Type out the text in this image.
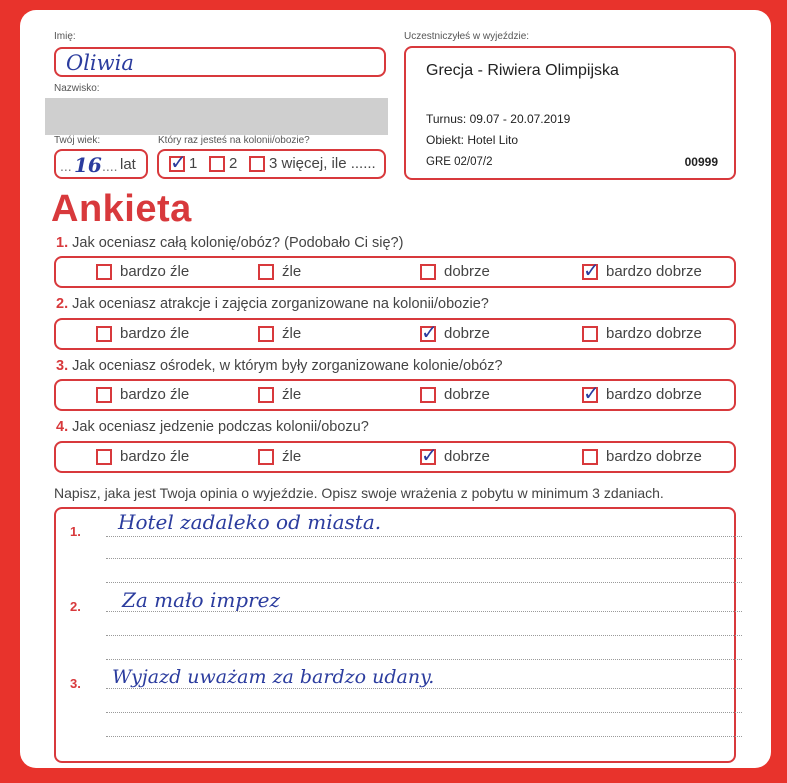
Imię:
Oliwia
Nazwisko:
Twój wiek:
... 16 .... lat
Który raz jesteś na kolonii/obozie?
✓ 1 2 3 więcej, ile ......
Uczestniczyłeś w wyjeździe:
Grecja - Riwiera Olimpijska
Turnus: 09.07 - 20.07.2019
Obiekt: Hotel Lito
GRE 02/07/2	00999
Ankieta
1. Jak oceniasz całą kolonię/obóz? (Podobało Ci się?)
bardzo źle	źle	dobrze	✓ bardzo dobrze
2. Jak oceniasz atrakcje i zajęcia zorganizowane na kolonii/obozie?
bardzo źle	źle	✓ dobrze	bardzo dobrze
3. Jak oceniasz ośrodek, w którym były zorganizowane kolonie/obóz?
bardzo źle	źle	dobrze	✓ bardzo dobrze
4. Jak oceniasz jedzenie podczas kolonii/obozu?
bardzo źle	źle	✓ dobrze	bardzo dobrze
Napisz, jaka jest Twoja opinia o wyjeździe. Opisz swoje wrażenia z pobytu w minimum 3 zdaniach.
1. Hotel zadaleko od miasta.
2. Za mało imprez
3. Wyjazd uważam za bardzo udany.
